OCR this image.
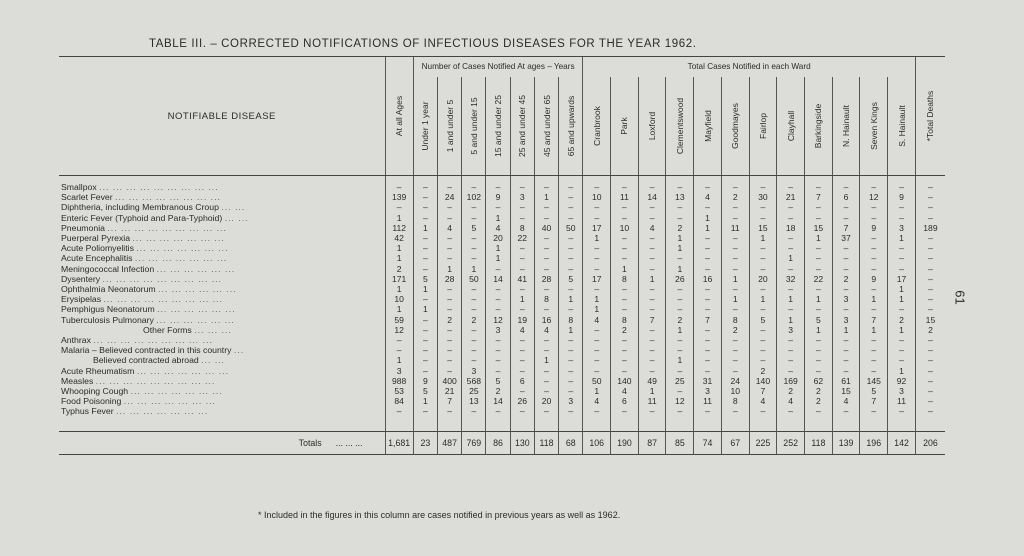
TABLE III. – CORRECTED NOTIFICATIONS OF INFECTIOUS DISEASES FOR THE YEAR 1962.
NOTIFIABLE DISEASE	At all Ages	Number of Cases Notified At ages – Years							Total Cases Notified in each Ward												*Total Deaths

		Under 1 year	1 and under 5	5 and under 15	15 and under 25	25 and under 45	45 and under 65	65 and upwards	Cranbrook	Park	Loxford	Clementswood	Mayfield	Goodmayes	Fairlop	Clayhall	Barkingside	N. Hainault	Seven Kings	S. Hainault	

Smallpox ... ... ... ... ... ... ... ... ...	–	–	–	–	–	–	–	–	–	–	–	–	–	–	–	–	–	–	–	–	–
Scarlet Fever ... ... ... ... ... ... ... ...	139	–	24	102	9	3	1	–	10	11	14	13	4	2	30	21	7	6	12	9	–
Diphtheria, including Membranous Croup ... ...	–	–	–	–	–	–	–	–	–	–	–	–	–	–	–	–	–	–	–	–	–
Enteric Fever (Typhoid and Para-Typhoid) ... ...	1	–	–	–	1	–	–	–	–	–	–	–	1	–	–	–	–	–	–	–	–
Pneumonia ... ... ... ... ... ... ... ... ...	112	1	4	5	4	8	40	50	17	10	4	2	1	11	15	18	15	7	9	3	189
Puerperal Pyrexia ... ... ... ... ... ... ...	42	–	–	–	20	22	–	–	1	–	–	1	–	–	1	–	1	37	–	1	–
Acute Poliomyelitis ... ... ... ... ... ... ...	1	–	–	–	1	–	–	–	–	–	–	1	–	–	–	–	–	–	–	–	–
Acute Encephalitis ... ... ... ... ... ... ...	1	–	–	–	1	–	–	–	–	–	–	–	–	–	–	1	–	–	–	–	–
Meningococcal Infection ... ... ... ... ... ...	2	–	1	1	–	–	–	–	–	1	–	1	–	–	–	–	–	–	–	–	–
Dysentery ... ... ... ... ... ... ... ... ...	171	5	28	50	14	41	28	5	17	8	1	26	16	1	20	32	22	2	9	17	–
Ophthalmia Neonatorum ... ... ... ... ... ...	1	1	–	–	–	–	–	–	–	–	–	–	–	–	–	–	–	–	–	1	–
Erysipelas ... ... ... ... ... ... ... ... ...	10	–	–	–	–	1	8	1	1	–	–	–	–	1	1	1	1	3	1	1	–
Pemphigus Neonatorum ... ... ... ... ... ...	1	1	–	–	–	–	–	–	1	–	–	–	–	–	–	–	–	–	–	–	–
Tuberculosis Pulmonary ... ... ... ... ... ...	59	–	2	2	12	19	16	8	4	8	7	2	7	8	5	1	5	3	7	2	15
Other Forms ... ... ...	12	–	–	–	3	4	4	1	–	2	–	1	–	2	–	3	1	1	1	1	2
Anthrax ... ... ... ... ... ... ... ... ...	–	–	–	–	–	–	–	–	–	–	–	–	–	–	–	–	–	–	–	–	–
Malaria – Believed contracted in this country ...	–	–	–	–	–	–	–	–	–	–	–	–	–	–	–	–	–	–	–	–	–
Believed contracted abroad ... ...	1	–	–	–	–	–	1	–	–	–	–	1	–	–	–	–	–	–	–	–	–
Acute Rheumatism ... ... ... ... ... ... ...	3	–	–	3	–	–	–	–	–	–	–	–	–	–	2	–	–	–	–	1	–
Measles ... ... ... ... ... ... ... ... ...	988	9	400	568	5	6	–	–	50	140	49	25	31	24	140	169	62	61	145	92	–
Whooping Cough ... ... ... ... ... ... ...	53	5	21	25	2	–	–	–	1	4	1	–	3	10	7	2	2	15	5	3	–
Food Poisoning ... ... ... ... ... ... ...	84	1	7	13	14	26	20	3	4	6	11	12	11	8	4	4	2	4	7	11	–
Typhus Fever ... ... ... ... ... ... ...	–	–	–	–	–	–	–	–	–	–	–	–	–	–	–	–	–	–	–	–	–

Totals ... ... ...	1,681	23	487	769	86	130	118	68	106	190	87	85	74	67	225	252	118	139	196	142	206
* Included in the figures in this column are cases notified in previous years as well as 1962.
61
